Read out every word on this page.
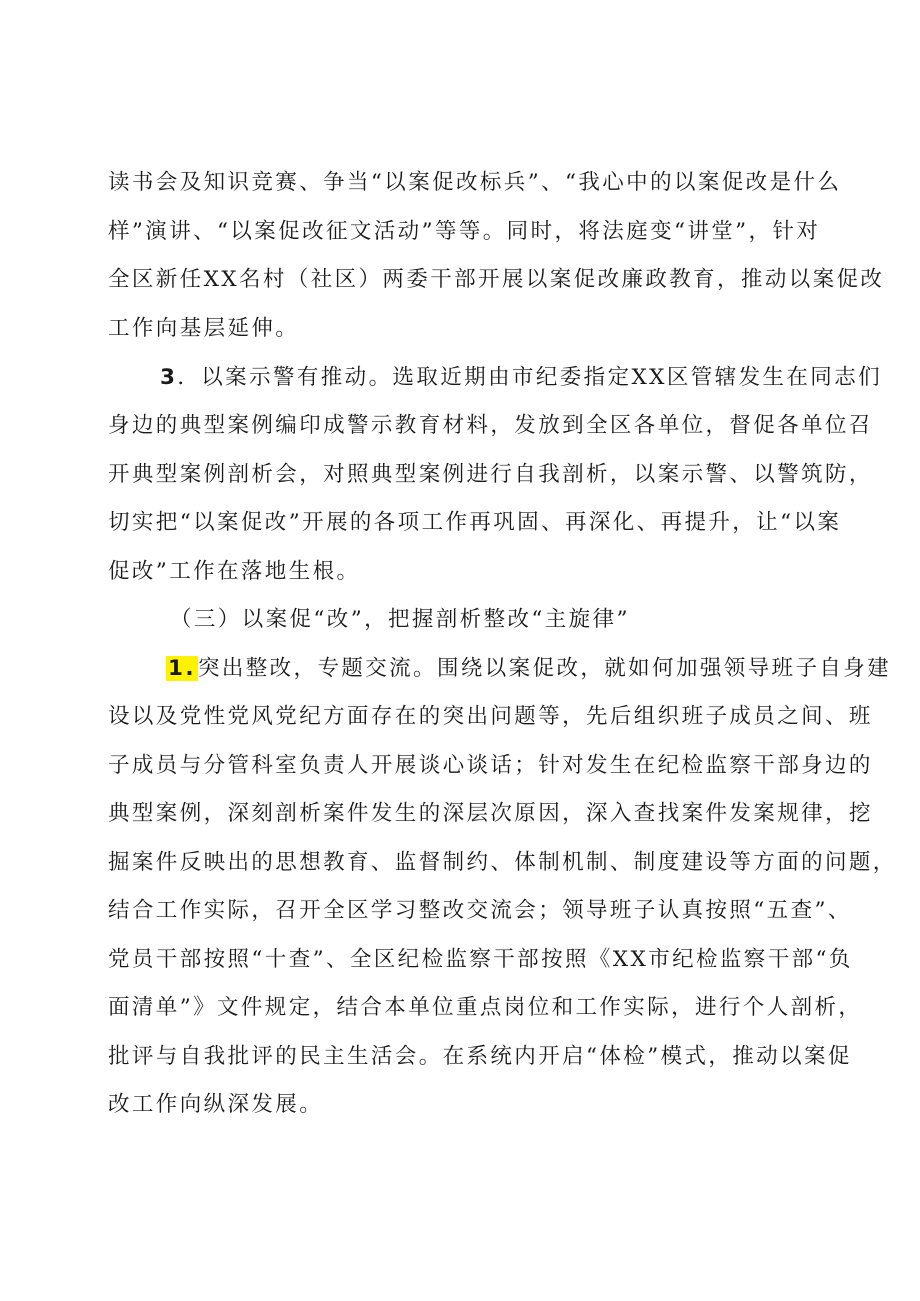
读书会及知识竞赛、争当“以案促改标兵”、“我心中的以案促改是什么
样”演讲、“以案促改征文活动”等等。同时，将法庭变“讲堂”，针对
全区新任XX名村（社区）两委干部开展以案促改廉政教育，推动以案促改
工作向基层延伸。
3．以案示警有推动。选取近期由市纪委指定XX区管辖发生在同志们
身边的典型案例编印成警示教育材料，发放到全区各单位，督促各单位召
开典型案例剖析会，对照典型案例进行自我剖析，以案示警、以警筑防，
切实把“以案促改”开展的各项工作再巩固、再深化、再提升，让“以案
促改”工作在落地生根。
（三）以案促“改”，把握剖析整改“主旋律”
1.突出整改，专题交流。围绕以案促改，就如何加强领导班子自身建
设以及党性党风党纪方面存在的突出问题等，先后组织班子成员之间、班
子成员与分管科室负责人开展谈心谈话；针对发生在纪检监察干部身边的
典型案例，深刻剖析案件发生的深层次原因，深入查找案件发案规律，挖
掘案件反映出的思想教育、监督制约、体制机制、制度建设等方面的问题，
结合工作实际，召开全区学习整改交流会；领导班子认真按照“五查”、
党员干部按照“十查”、全区纪检监察干部按照《XX市纪检监察干部“负
面清单”》文件规定，结合本单位重点岗位和工作实际，进行个人剖析，
批评与自我批评的民主生活会。在系统内开启“体检”模式，推动以案促
改工作向纵深发展。
